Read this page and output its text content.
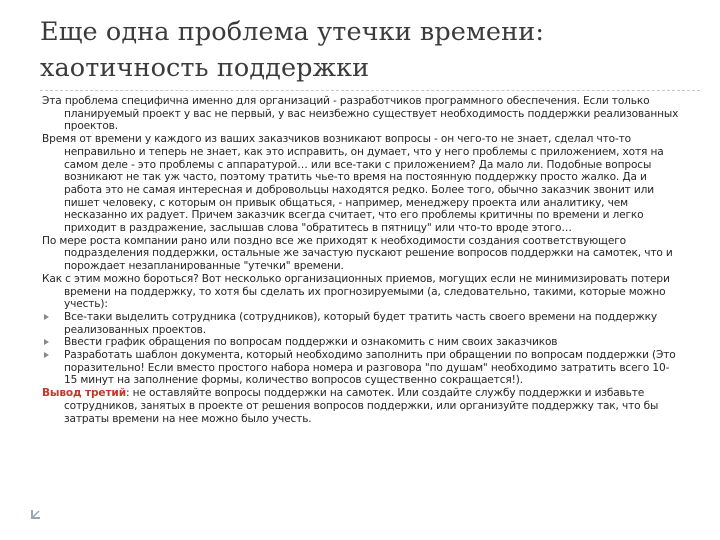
Еще одна проблема утечки времени:
хаотичность поддержки
Эта проблема специфична именно для организаций - разработчиков программного обеспечения. Если только планируемый проект у вас не первый, у вас неизбежно существует необходимость поддержки реализованных проектов.
Время от времени у каждого из ваших заказчиков возникают вопросы - он чего-то не знает, сделал что-то неправильно и теперь не знает, как это исправить, он думает, что у него проблемы с приложением, хотя на самом деле - это проблемы с аппаратурой… или все-таки с приложением? Да мало ли. Подобные вопросы возникают не так уж часто, поэтому тратить чье-то время на постоянную поддержку просто жалко. Да и работа это не самая интересная и добровольцы находятся редко. Более того, обычно заказчик звонит или пишет человеку, с которым он привык общаться, - например, менеджеру проекта или аналитику, чем несказанно их радует. Причем заказчик всегда считает, что его проблемы критичны по времени и легко приходит в раздражение, заслышав слова "обратитесь в пятницу" или что-то вроде этого…
По мере роста компании рано или поздно все же приходят к необходимости создания соответствующего подразделения поддержки, остальные же зачастую пускают решение вопросов поддержки на самотек, что и порождает незапланированные "утечки" времени.
Как с этим можно бороться? Вот несколько организационных приемов, могущих если не минимизировать потери времени на поддержку, то хотя бы сделать их прогнозируемыми (а, следовательно, такими, которые можно учесть):
Все-таки выделить сотрудника (сотрудников), который будет тратить часть своего времени на поддержку реализованных проектов.
Ввести график обращения по вопросам поддержки и ознакомить с ним своих заказчиков
Разработать шаблон документа, который необходимо заполнить при обращении по вопросам поддержки (Это поразительно! Если вместо простого набора номера и разговора "по душам" необходимо затратить всего 10-15 минут на заполнение формы, количество вопросов существенно сокращается!).
Вывод третий: не оставляйте вопросы поддержки на самотек. Или создайте службу поддержки и избавьте сотрудников, занятых в проекте от решения вопросов поддержки, или организуйте поддержку так, что бы затраты времени на нее можно было учесть.
